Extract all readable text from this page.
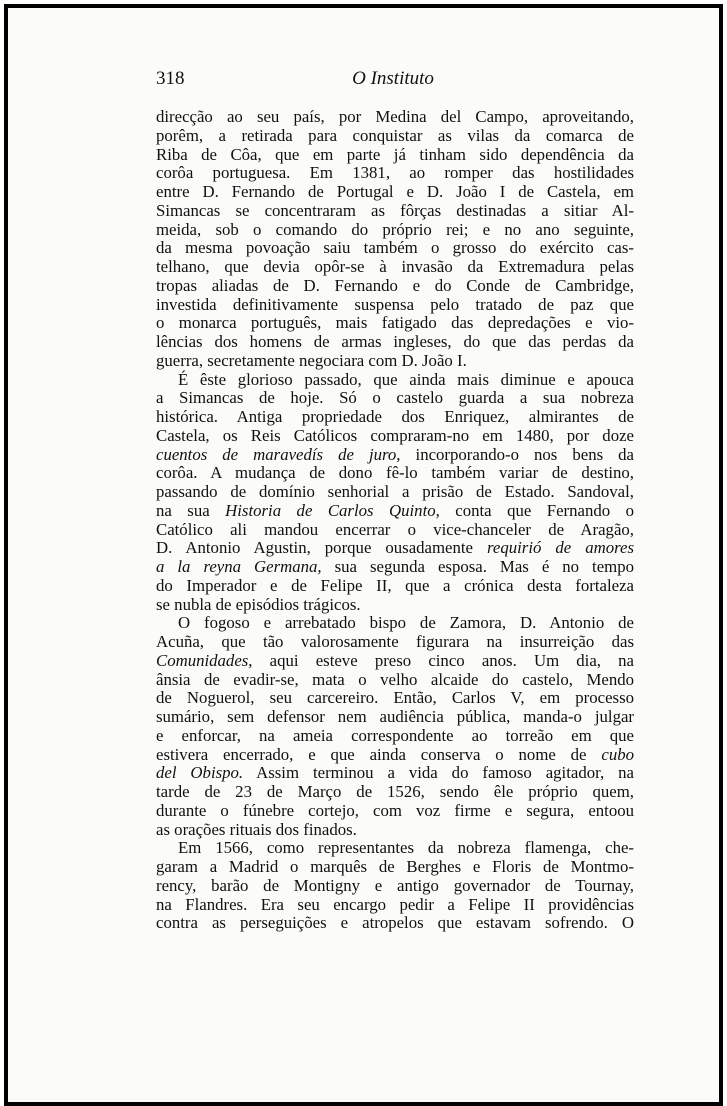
318	O Instituto
direcção ao seu país, por Medina del Campo, aproveitando,
porêm, a retirada para conquistar as vilas da comarca de
Riba de Côa, que em parte já tinham sido dependência da
corôa portuguesa. Em 1381, ao romper das hostilidades
entre D. Fernando de Portugal e D. João I de Castela, em
Simancas se concentraram as fôrças destinadas a sitiar Al-
meida, sob o comando do próprio rei; e no ano seguinte,
da mesma povoação saiu também o grosso do exército cas-
telhano, que devia opôr-se à invasão da Extremadura pelas
tropas aliadas de D. Fernando e do Conde de Cambridge,
investida definitivamente suspensa pelo tratado de paz que
o monarca português, mais fatigado das depredações e vio-
lências dos homens de armas ingleses, do que das perdas da
guerra, secretamente negociara com D. João I.
É êste glorioso passado, que ainda mais diminue e apouca
a Simancas de hoje. Só o castelo guarda a sua nobreza
histórica. Antiga propriedade dos Enriquez, almirantes de
Castela, os Reis Católicos compraram-no em 1480, por doze
cuentos de maravedís de juro, incorporando-o nos bens da
corôa. A mudança de dono fê-lo também variar de destino,
passando de domínio senhorial a prisão de Estado. Sandoval,
na sua Historia de Carlos Quinto, conta que Fernando o
Católico ali mandou encerrar o vice-chanceler de Aragão,
D. Antonio Agustin, porque ousadamente requirió de amores
a la reyna Germana, sua segunda esposa. Mas é no tempo
do Imperador e de Felipe II, que a crónica desta fortaleza
se nubla de episódios trágicos.
O fogoso e arrebatado bispo de Zamora, D. Antonio de
Acuña, que tão valorosamente figurara na insurreição das
Comunidades, aqui esteve preso cinco anos. Um dia, na
ânsia de evadir-se, mata o velho alcaide do castelo, Mendo
de Noguerol, seu carcereiro. Então, Carlos V, em processo
sumário, sem defensor nem audiência pública, manda-o julgar
e enforcar, na ameia correspondente ao torreão em que
estivera encerrado, e que ainda conserva o nome de cubo
del Obispo. Assim terminou a vida do famoso agitador, na
tarde de 23 de Março de 1526, sendo êle próprio quem,
durante o fúnebre cortejo, com voz firme e segura, entoou
as orações rituais dos finados.
Em 1566, como representantes da nobreza flamenga, che-
garam a Madrid o marquês de Berghes e Floris de Montmo-
rency, barão de Montigny e antigo governador de Tournay,
na Flandres. Era seu encargo pedir a Felipe II providências
contra as perseguições e atropelos que estavam sofrendo. O
